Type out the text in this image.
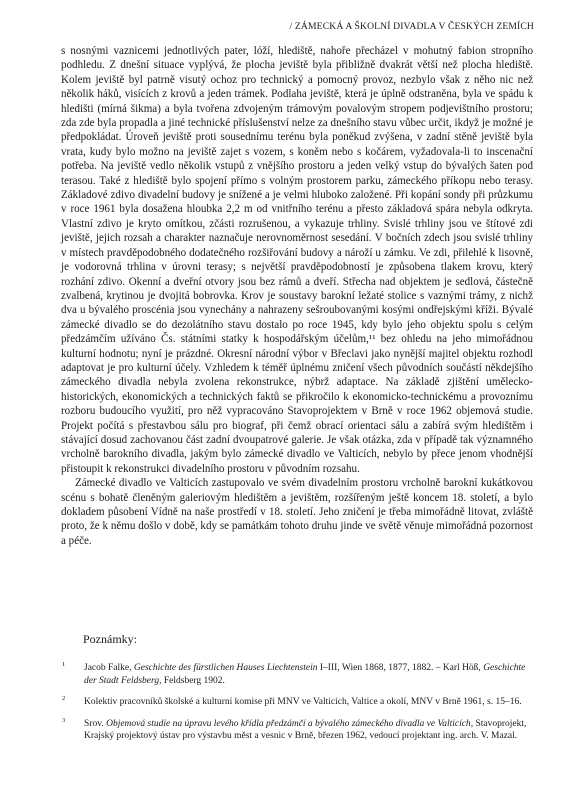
/ ZÁMECKÁ A ŠKOLNÍ DIVADLA V ČESKÝCH ZEMÍCH

s nosnými vaznicemi jednotlivých pater, lóží, hlediště, nahoře přecházel v mohutný fabion stropního podhledu. Z dnešní situace vyplývá, že plocha jeviště byla přibližně dvakrát větší než plocha hlediště. Kolem jeviště byl patrně visutý ochoz pro technický a pomocný provoz, nezbylo však z něho nic než několik háků, visících z krovů a jeden trámek. Podlaha jeviště, která je úplně odstraněna, byla ve spádu k hledišti (mírná šikma) a byla tvořena zdvojeným trámovým povalovým stropem podjevištního prostoru; zda zde byla propadla a jiné technické příslušenství nelze za dnešního stavu vůbec určit, ikdyž je možné je předpokládat. Úroveň jeviště proti sousednímu terénu byla poněkud zvýšena, v zadní stěně jeviště byla vrata, kudy bylo možno na jeviště zajet s vozem, s koněm nebo s kočárem, vyžadovala-li to inscenační potřeba. Na jeviště vedlo několik vstupů z vnějšího prostoru a jeden velký vstup do bývalých šaten pod terasou. Také z hlediště bylo spojení přímo s volným prostorem parku, zámeckého příkopu nebo terasy. Základové zdivo divadelní budovy je snížené a je velmi hluboko založené. Při kopání sondy při průzkumu v roce 1961 byla dosažena hloubka 2,2 m od vnitřního terénu a přesto základová spára nebyla odkryta. Vlastní zdivo je kryto omítkou, zčásti rozrušenou, a vykazuje trhliny. Svislé trhliny jsou ve štítové zdi jeviště, jejich rozsah a charakter naznačuje nerovnoměrnost sesedání. V bočních zdech jsou svislé trhliny v místech pravděpodobného dodatečného rozšiřování budovy a nároží u zámku. Ve zdi, přilehlé k lisovně, je vodorovná trhlina v úrovni terasy; s největší pravděpodobností je způsobena tlakem krovu, který rozhání zdivo. Okenní a dveřní otvory jsou bez rámů a dveří. Střecha nad objektem je sedlová, částečně zvalbená, krytinou je dvojitá bobrovka. Krov je soustavy barokní ležaté stolice s vaznými trámy, z nichž dva u bývalého proscénia jsou vynechány a nahrazeny sešroubovanými kosými ondřejskými kříži. Bývalé zámecké divadlo se do dezolátního stavu dostalo po roce 1945, kdy bylo jeho objektu spolu s celým předzámčím užíváno Čs. státními statky k hospodářským účelům,¹¹ bez ohledu na jeho mimořádnou kulturní hodnotu; nyní je prázdné. Okresní národní výbor v Břeclavi jako nynější majitel objektu rozhodl adaptovat je pro kulturní účely. Vzhledem k téměř úplnému zničení všech původních součástí někdejšího zámeckého divadla nebyla zvolena rekonstrukce, nýbrž adaptace. Na základě zjištění umělecko-historických, ekonomických a technických faktů se přikročilo k ekonomicko-technickému a provoznímu rozboru budoucího využití, pro něž vypracováno Stavoprojektem v Brně v roce 1962 objemová studie. Projekt počítá s přestavbou sálu pro biograf, při čemž obrací orientaci sálu a zabírá svým hledištěm i stávající dosud zachovanou část zadní dvoupatrové galerie. Je však otázka, zda v případě tak významného vrcholně barokního divadla, jakým bylo zámecké divadlo ve Valticích, nebylo by přece jenom vhodnější přistoupit k rekonstrukci divadelního prostoru v původním rozsahu.

Zámecké divadlo ve Valticích zastupovalo ve svém divadelním prostoru vrcholně barokní kukátkovou scénu s bohatě členěným galeriovým hledištěm a jevištěm, rozšířeným ještě koncem 18. století, a bylo dokladem působení Vídně na naše prostředí v 18. století. Jeho zničení je třeba mimořádně litovat, zvláště proto, že k němu došlo v době, kdy se památkám tohoto druhu jinde ve světě věnuje mimořádná pozornost a péče.

Poznámky:
1 Jacob Falke, Geschichte des fürstlichen Hauses Liechtenstein I–III, Wien 1868, 1877, 1882. – Karl Höß, Geschichte der Stadt Feldsberg, Feldsberg 1902.
2 Kolektiv pracovníků školské a kulturní komise při MNV ve Valticích, Valtice a okolí, MNV v Brně 1961, s. 15–16.
3 Srov. Objemová studie na úpravu levého křídla předzámčí a bývalého zámeckého divadla ve Valticích, Stavoprojekt, Krajský projektový ústav pro výstavbu měst a vesnic v Brně, březen 1962, vedoucí projektant ing. arch. V. Mazal.
